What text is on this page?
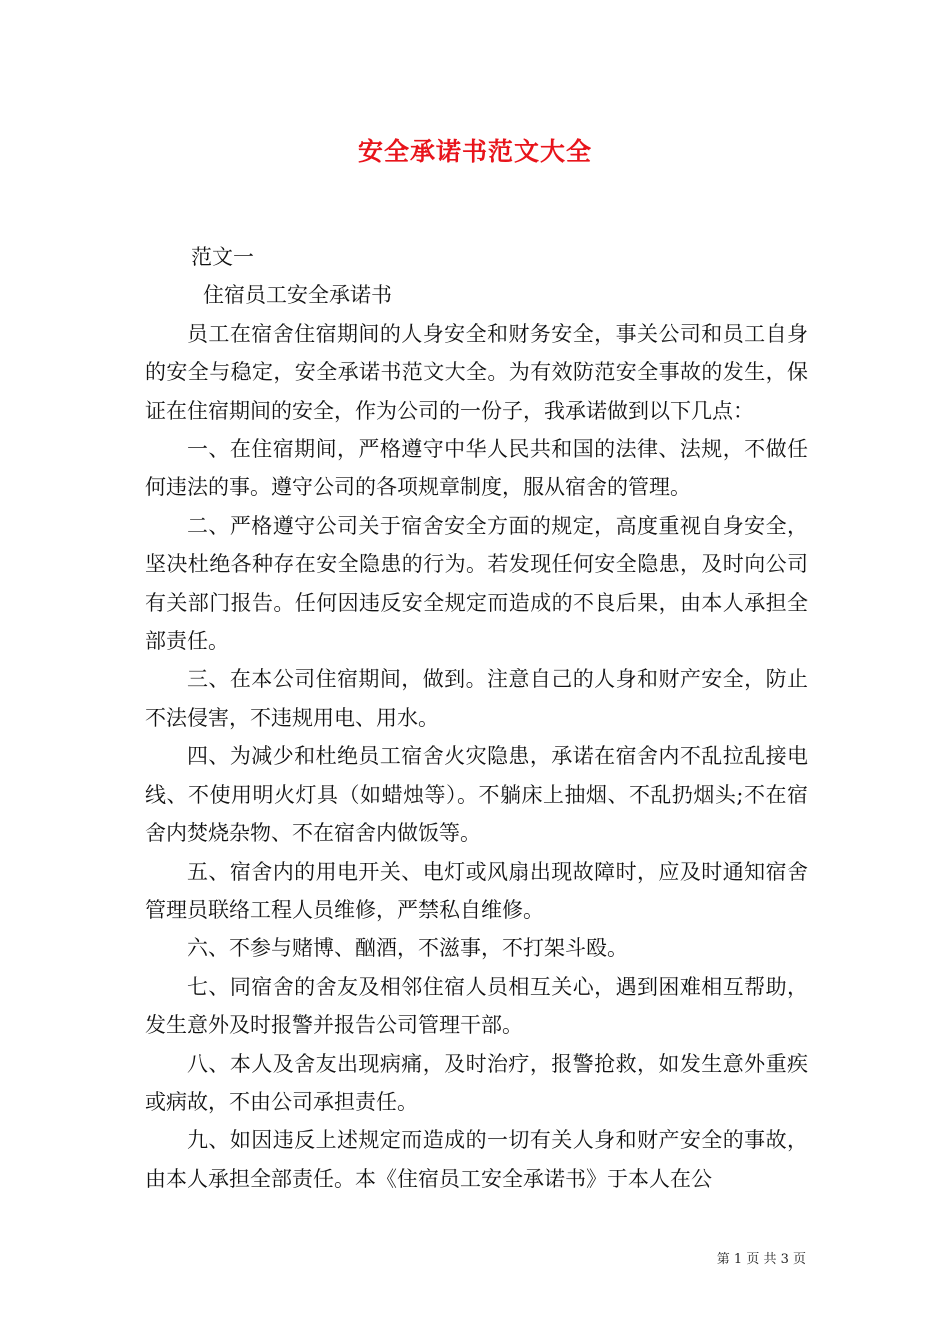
安全承诺书范文大全

范文一

住宿员工安全承诺书

员工在宿舍住宿期间的人身安全和财务安全，事关公司和员工自身的安全与稳定，安全承诺书范文大全。为有效防范安全事故的发生，保证在住宿期间的安全，作为公司的一份子，我承诺做到以下几点：

一、在住宿期间，严格遵守中华人民共和国的法律、法规，不做任何违法的事。遵守公司的各项规章制度，服从宿舍的管理。

二、严格遵守公司关于宿舍安全方面的规定，高度重视自身安全，坚决杜绝各种存在安全隐患的行为。若发现任何安全隐患，及时向公司有关部门报告。任何因违反安全规定而造成的不良后果，由本人承担全部责任。

三、在本公司住宿期间，做到。注意自己的人身和财产安全，防止不法侵害，不违规用电、用水。

四、为减少和杜绝员工宿舍火灾隐患，承诺在宿舍内不乱拉乱接电线、不使用明火灯具（如蜡烛等）。不躺床上抽烟、不乱扔烟头;不在宿舍内焚烧杂物、不在宿舍内做饭等。

五、宿舍内的用电开关、电灯或风扇出现故障时，应及时通知宿舍管理员联络工程人员维修，严禁私自维修。

六、不参与赌博、酗酒，不滋事，不打架斗殴。

七、同宿舍的舍友及相邻住宿人员相互关心，遇到困难相互帮助，发生意外及时报警并报告公司管理干部。

八、本人及舍友出现病痛，及时治疗，报警抢救，如发生意外重疾或病故，不由公司承担责任。

九、如因违反上述规定而造成的一切有关人身和财产安全的事故，由本人承担全部责任。本《住宿员工安全承诺书》于本人在公

第 1 页 共 3 页
